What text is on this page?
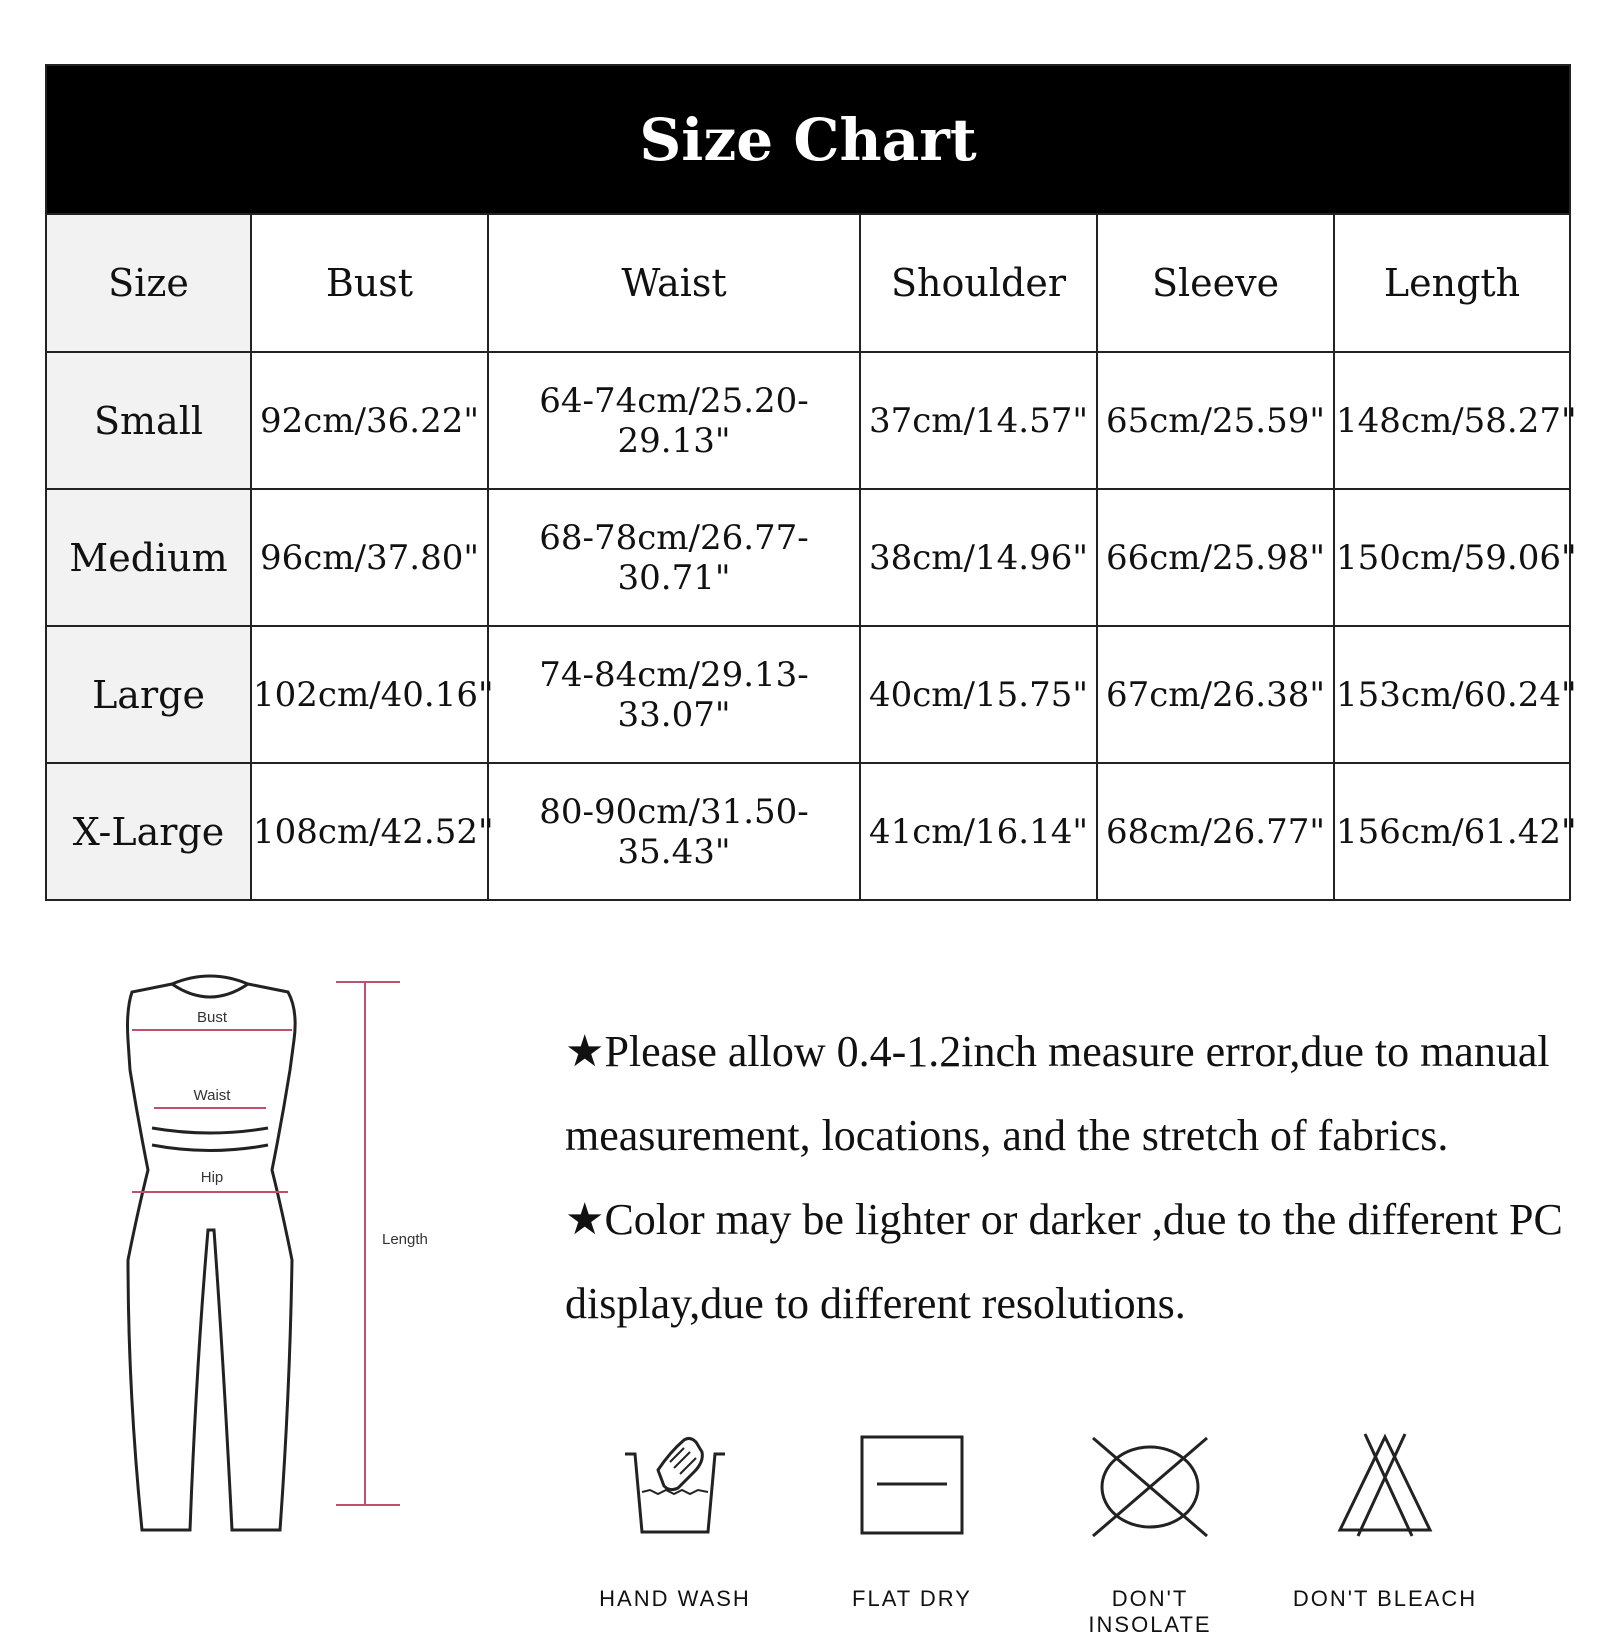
Size Chart					
Size	Bust	Waist	Shoulder	Sleeve	Length
Small	92cm/36.22"	64-74cm/25.20-29.13"	37cm/14.57"	65cm/25.59"	148cm/58.27"
Medium	96cm/37.80"	68-78cm/26.77-30.71"	38cm/14.96"	66cm/25.98"	150cm/59.06"
Large	102cm/40.16"	74-84cm/29.13-33.07"	40cm/15.75"	67cm/26.38"	153cm/60.24"
X-Large	108cm/42.52"	80-90cm/31.50-35.43"	41cm/16.14"	68cm/26.77"	156cm/61.42"
Bust
Waist
Hip
Length

★Please allow 0.4-1.2inch measure error,due to manual measurement, locations, and the stretch of fabrics.

★Color may be lighter or darker ,due to the different PC display,due to different resolutions.

HAND WASH	FLAT DRY	DON'T INSOLATE
DON'T BLEACH
